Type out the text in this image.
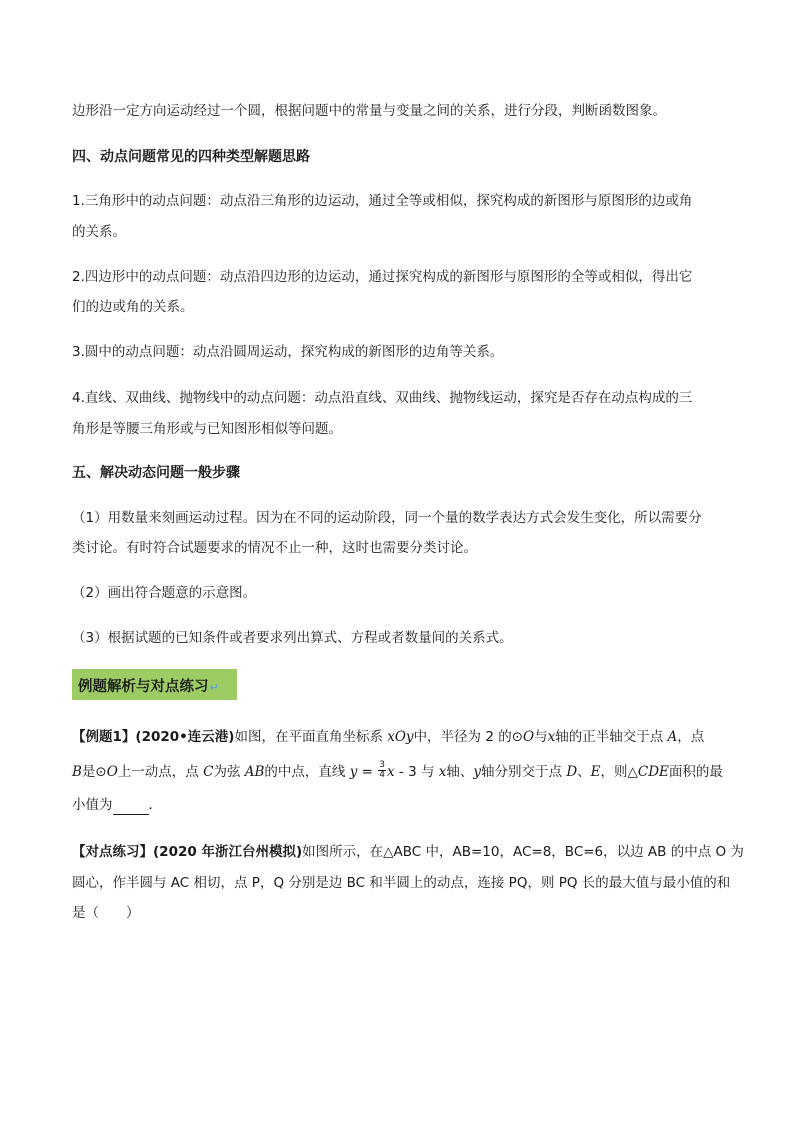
边形沿一定方向运动经过一个圆，根据问题中的常量与变量之间的关系，进行分段，判断函数图象。
四、动点问题常见的四种类型解题思路
1.三角形中的动点问题：动点沿三角形的边运动，通过全等或相似，探究构成的新图形与原图形的边或角
的关系。
2.四边形中的动点问题：动点沿四边形的边运动，通过探究构成的新图形与原图形的全等或相似，得出它
们的边或角的关系。
3.圆中的动点问题：动点沿圆周运动，探究构成的新图形的边角等关系。
4.直线、双曲线、抛物线中的动点问题：动点沿直线、双曲线、抛物线运动，探究是否存在动点构成的三
角形是等腰三角形或与已知图形相似等问题。
五、解决动态问题一般步骤
（1）用数量来刻画运动过程。因为在不同的运动阶段，同一个量的数学表达方式会发生变化，所以需要分
类讨论。有时符合试题要求的情况不止一种，这时也需要分类讨论。
（2）画出符合题意的示意图。
（3）根据试题的已知条件或者要求列出算式、方程或者数量间的关系式。
例题解析与对点练习↵
【例题1】(2020•连云港)如图，在平面直角坐标系 xOy中，半径为 2 的⊙O与x轴的正半轴交于点 A，点
B是⊙O上一动点，点 C为弦 AB的中点，直线 $y = \frac{3}{4}$ x - 3 与 x轴、y轴分别交于点 D、E，则△CDE面积的最
小值为	．
【对点练习】(2020 年浙江台州模拟)如图所示，在△ABC 中，AB=10，AC=8，BC=6，以边 AB 的中点 O 为
圆心，作半圆与 AC 相切，点 P，Q 分别是边 BC 和半圆上的动点，连接 PQ，则 PQ 长的最大值与最小值的和
是（　　）
